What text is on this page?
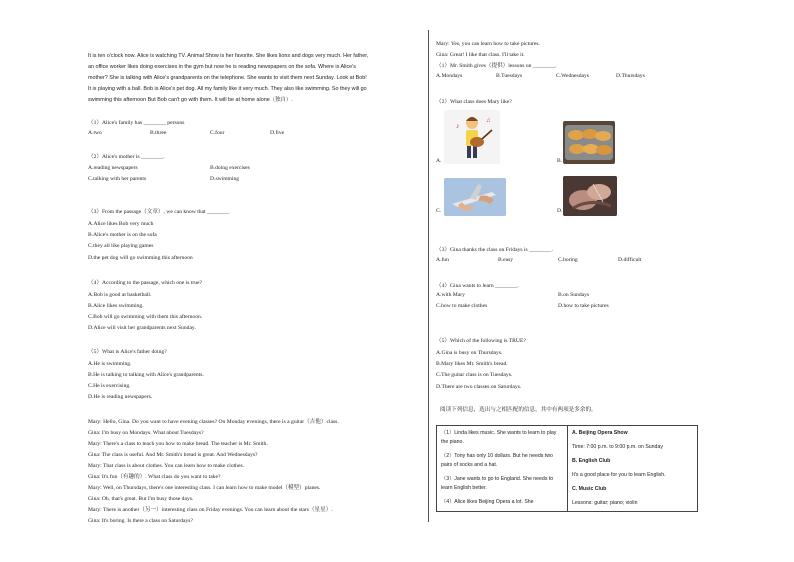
It is ten o'clock now. Alice is watching TV. Animal Show is her favorite. She likes lions and dogs very much. Her father,
an office worker likes doing exercises in the gym but now he is reading newspapers on the sofa. Where is Alice's
mother? She is talking with Alice's grandparents on the telephone. She wants to visit them next Sunday. Look at Bob!
It is playing with a ball. Bob is Alice's pet dog. All my family like it very much. They also like swimming. So they will go
swimming this afternoon But Bob can't go with them. It will be at home alone（独自）.
（1）Alice's family has ________ persons
A.two	B.three	C.four	D.five
（2）Alice's mother is ________.
A.reading newspapers	B.doing exercises
C.talking with her parents	D.swimming
（3）From the passage（文章）, we can know that ________
A.Alice likes Bob very much
B.Alice's mother is on the sofa
C.they all like playing games
D.the pet dog will go swimming this afternoon
（4）According to the passage, which one is true?
A.Bob is good at basketball.
B.Alice likes swimming.
C.Bob will go swimming with them this afternoon.
D.Alice will visit her grandparents next Sunday.
（5）What is Alice's father doing?
A.He is swimming.
B.He is talking to talking with Alice's grandparents.
C.He is exercising.
D.He is reading newspapers.
Mary: Hello, Gina. Do you want to have evening classes? On Monday evenings, there is a guitar（吉他）class.
Gina: I'm busy on Mondays. What about Tuesdays?
Mary: There's a class to teach you how to make bread. The teacher is Mr. Smith.
Gina: The class is useful. And Mr. Smith's bread is great. And Wednesdays?
Mary: That class is about clothes. You can learn how to make clothes.
Gina: It's fun（有趣的）. What class do you want to take?
Mary: Well, on Thursdays, there's one interesting class. I can learn how to make model（模型）planes.
Gina: Oh, that's great. But I'm busy those days.
Mary: There is another（另一）interesting class on Friday evenings. You can learn about the stars（星星）.
Gina: It's boring. Is there a class on Saturdays?
Mary: Yes, you can learn how to take pictures.
Gina: Great! I like that class. I'll take it.
（1）Mr. Smith gives（提供）lessons on ________.
A.Mondays	B.Tuesdays	C.Wednesdays	D.Thursdays
（2）What class does Mary like?
A.
♪
♫
B.
C.	D.
（3）Gina thanks the class on Fridays is ________.
A.fun	B.easy	C.boring	D.difficult
（4）Gina wants to learn ________.
A.with Mary	B.on Sundays
C.how to make clothes	D.how to take pictures
（5）Which of the following is TRUE?
A.Gina is busy on Thursdays.
B.Mary likes Mr. Smith's bread.
C.The guitar class is on Tuesdays.
D.There are two classes on Saturdays.
阅读下列信息，选出与之相匹配的信息，其中有两项是多余的。
（1）Linda likes music. She wants to learn to play the piano.
（2）Tony has only 10 dollars. But he needs two pairs of socks and a hat.
（3）Jane wants to go to England. She needs to learn English better.
（4）Alice likes Beijing Opera a lot. She

A. Beijing Opera Show
Time: 7:00 p.m. to 9:00 p.m. on Sunday
B. English Club
It's a good place for you to learn English.
C. Music Club
Lessons: guitar; piano; violin
